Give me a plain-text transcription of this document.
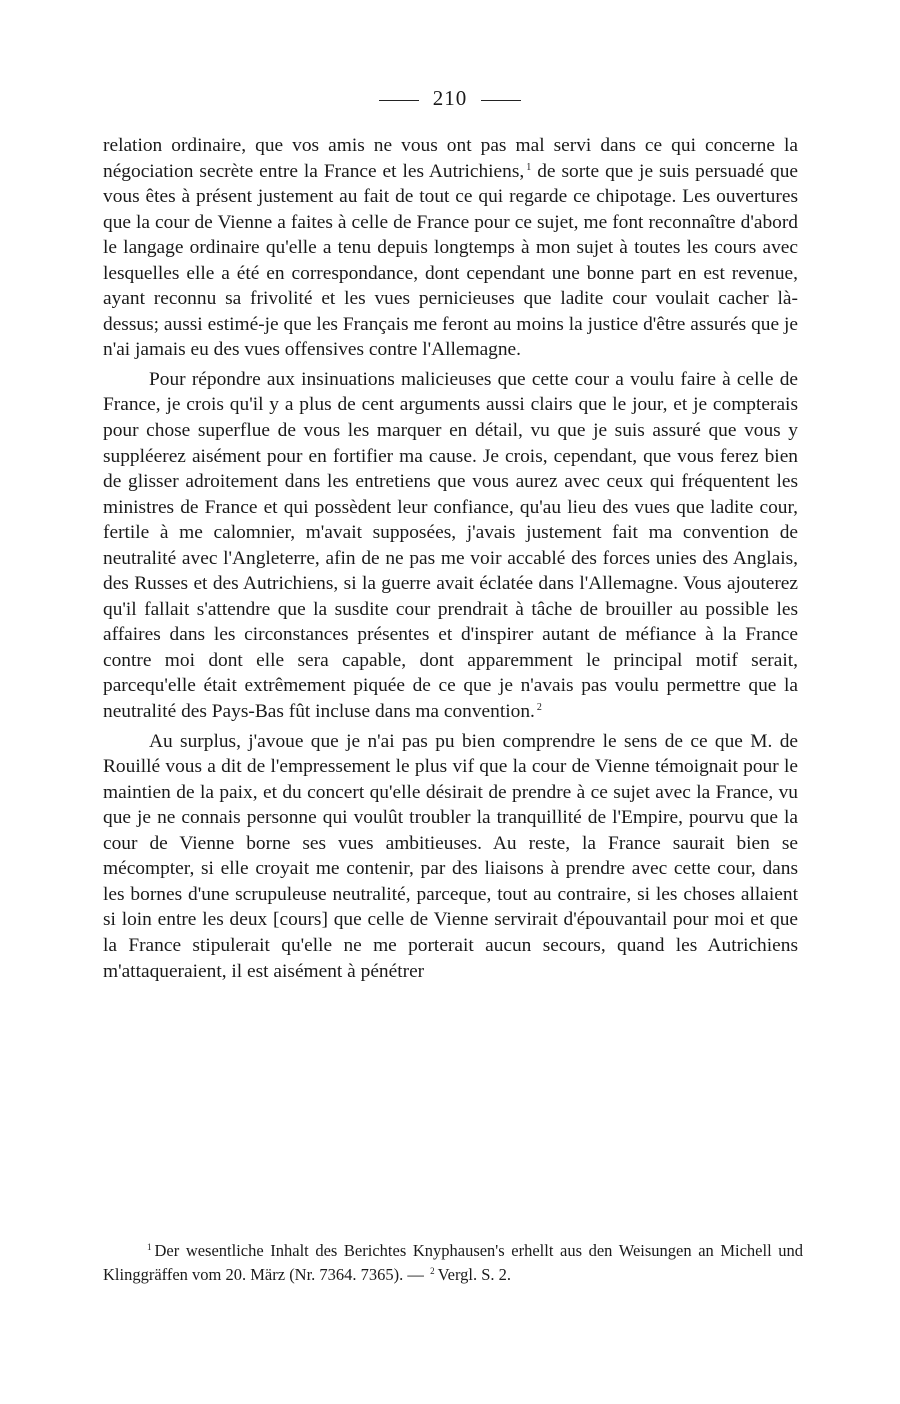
210

relation ordinaire, que vos amis ne vous ont pas mal servi dans ce qui concerne la négociation secrète entre la France et les Autrichiens, $^1$ de sorte que je suis persuadé que vous êtes à présent justement au fait de tout ce qui regarde ce chipotage. Les ouvertures que la cour de Vienne a faites à celle de France pour ce sujet, me font reconnaître d'abord le langage ordinaire qu'elle a tenu depuis longtemps à mon sujet à toutes les cours avec lesquelles elle a été en correspondance, dont cependant une bonne part en est revenue, ayant reconnu sa frivolité et les vues pernicieuses que ladite cour voulait cacher là-dessus; aussi estimé-je que les Français me feront au moins la justice d'être assurés que je n'ai jamais eu des vues offensives contre l'Allemagne.

Pour répondre aux insinuations malicieuses que cette cour a voulu faire à celle de France, je crois qu'il y a plus de cent arguments aussi clairs que le jour, et je compterais pour chose superflue de vous les marquer en détail, vu que je suis assuré que vous y suppléerez aisément pour en fortifier ma cause. Je crois, cependant, que vous ferez bien de glisser adroitement dans les entretiens que vous aurez avec ceux qui fréquentent les ministres de France et qui possèdent leur confiance, qu'au lieu des vues que ladite cour, fertile à me calomnier, m'avait supposées, j'avais justement fait ma convention de neutralité avec l'Angleterre, afin de ne pas me voir accablé des forces unies des Anglais, des Russes et des Autrichiens, si la guerre avait éclatée dans l'Allemagne. Vous ajouterez qu'il fallait s'attendre que la susdite cour prendrait à tâche de brouiller au possible les affaires dans les circonstances présentes et d'inspirer autant de méfiance à la France contre moi dont elle sera capable, dont apparemment le principal motif serait, parcequ'elle était extrêmement piquée de ce que je n'avais pas voulu permettre que la neutralité des Pays-Bas fût incluse dans ma convention. $^2$

Au surplus, j'avoue que je n'ai pas pu bien comprendre le sens de ce que M. de Rouillé vous a dit de l'empressement le plus vif que la cour de Vienne témoignait pour le maintien de la paix, et du concert qu'elle désirait de prendre à ce sujet avec la France, vu que je ne connais personne qui voulût troubler la tranquillité de l'Empire, pourvu que la cour de Vienne borne ses vues ambitieuses. Au reste, la France saurait bien se mécompter, si elle croyait me contenir, par des liaisons à prendre avec cette cour, dans les bornes d'une scrupuleuse neutralité, parceque, tout au contraire, si les choses allaient si loin entre les deux [cours] que celle de Vienne servirait d'épouvantail pour moi et que la France stipulerait qu'elle ne me porterait aucun secours, quand les Autrichiens m'attaqueraient, il est aisément à pénétrer

$^1$ Der wesentliche Inhalt des Berichtes Knyphausen's erhellt aus den Weisungen an Michell und Klinggräffen vom 20. März (Nr. 7364. 7365). — $^2$ Vergl. S. 2.
